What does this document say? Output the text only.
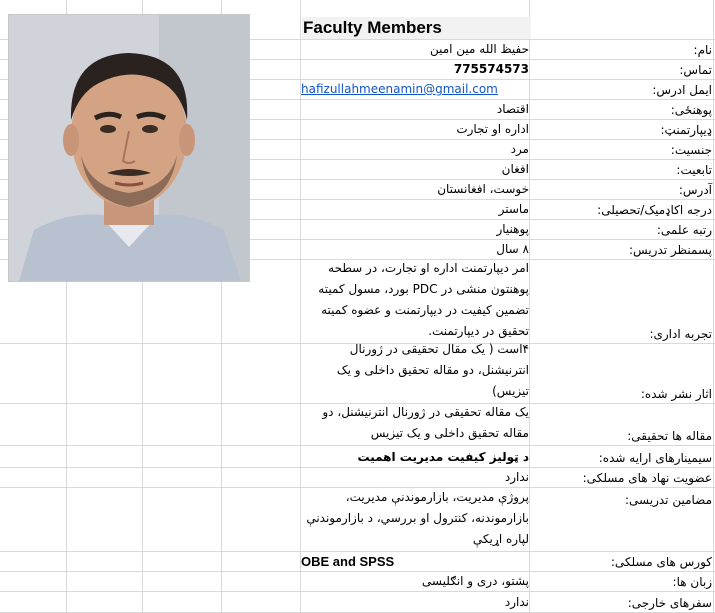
Faculty Members
نام:
حفیظ الله مین امین
تماس:
775574573
ایمل ادرس:
hafizullahmeenamin@gmail.com
پوهنځی:
اقتصاد
ډیپارتمنټ:
اداره او تجارت
جنسیت:
مرد
تابعیت:
افغان
آدرس:
خوست، افغانستان
درجه اکاډمیک/تحصیلی:
ماستر
رتبه علمی:
پوهنیار
پسمنظر تدریس:
۸ سال
تجربه اداری:
امر دیپارتمنت اداره او تجارت، در سطحه پوهنتون منشی در PDC بورد، مسول کمیته تضمین کیفیت در دیپارتمنت و عضوه کمیته تحقیق در دیپارتمنت.
اثار نشر شده:
۴است ( یک مقال تحقیقی در ژورنال انترنیشنل، دو مقاله تحقیق داخلی و یک تیزیس)
مقاله ها تحقیقی:
یک مقاله تحقیقی در ژورنال انترنیشنل، دو مقاله تحقیق داخلی و یک تیزیس
سیمینارهای ارایه شده:
د ټولیز کیفیت مدیریت اهمیت
عضویت نهاد های مسلکی:
ندارد
مضامین تدریسی:
پروژې مدیریت، بازارموندنې مدیریت، بازارموندنه، کنترول او بررسي، د بازارموندنې لپاره اړیکې
کورس های مسلکی:
OBE and SPSS
زبان ها:
پشتو، دری و انګلیسی
سفرهای خارجی:
ندارد
